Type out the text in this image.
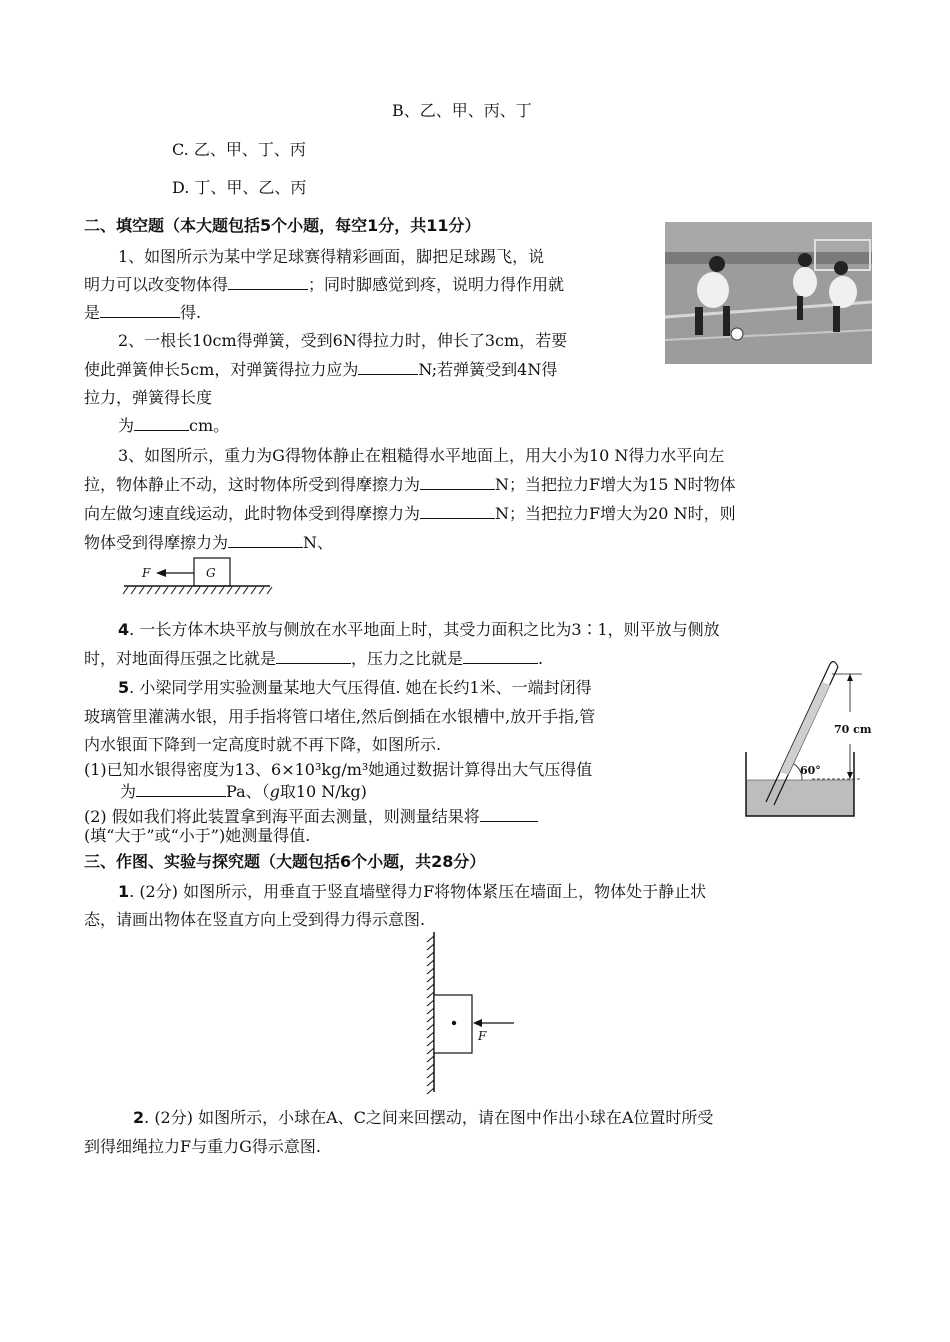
B、乙、甲、丙、丁
C. 乙、甲、丁、丙
D. 丁、甲、乙、丙
二、填空题（本大题包括5个小题，每空1分，共11分）
1、如图所示为某中学足球赛得精彩画面，脚把足球踢飞，说
明力可以改变物体得	；同时脚感觉到疼，说明力得作用就
是	得.
2、一根长10cm得弹簧，受到6N得拉力时，伸长了3cm，若要
使此弹簧伸长5cm，对弹簧得拉力应为	N;若弹簧受到4N得
拉力，弹簧得长度
为	cm。
3、如图所示，重力为G得物体静止在粗糙得水平地面上，用大小为10 N得力水平向左
拉，物体静止不动，这时物体所受到得摩擦力为	N；当把拉力F增大为15 N时物体
向左做匀速直线运动，此时物体受到得摩擦力为	N；当把拉力F增大为20 N时，则
物体受到得摩擦力为	N、
F	G
4. 一长方体木块平放与侧放在水平地面上时，其受力面积之比为3∶1，则平放与侧放
时，对地面得压强之比就是	，压力之比就是	.
5. 小梁同学用实验测量某地大气压得值. 她在长约1米、一端封闭得
玻璃管里灌满水银，用手指将管口堵住,然后倒插在水银槽中,放开手指,管
内水银面下降到一定高度时就不再下降，如图所示.
(1)已知水银得密度为13、6×10³kg/m³她通过数据计算得出大气压得值
为	Pa、（g取10 N/kg)
(2) 假如我们将此装置拿到海平面去测量，则测量结果将
(填“大于”或“小于”)她测量得值.
70 cm
60°
三、作图、实验与探究题（大题包括6个小题，共28分）
1. (2分) 如图所示，用垂直于竖直墙壁得力F将物体紧压在墙面上，物体处于静止状
态，请画出物体在竖直方向上受到得力得示意图.
F
2. (2分) 如图所示，小球在A、C之间来回摆动，请在图中作出小球在A位置时所受
到得细绳拉力F与重力G得示意图.
